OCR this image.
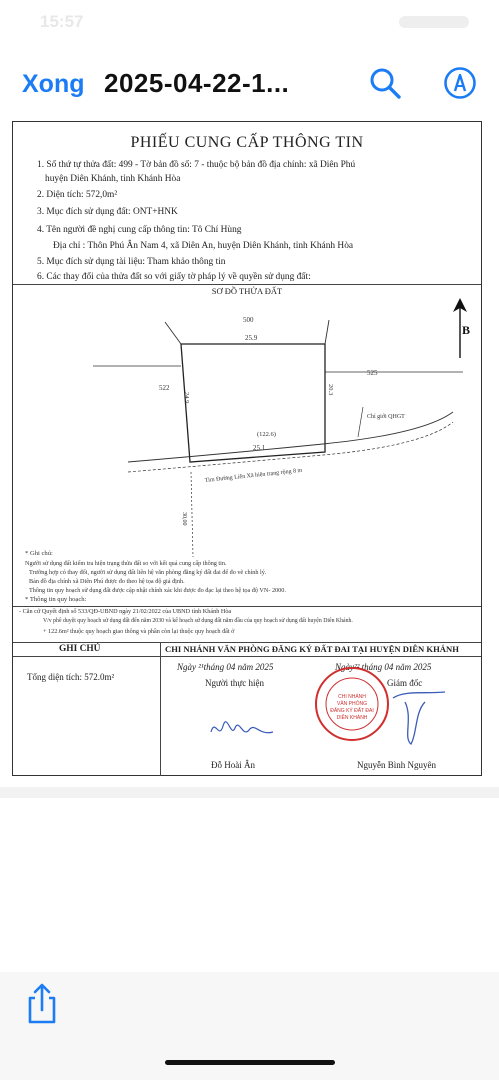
15:57
Xong 2025-04-22-1...
PHIẾU CUNG CẤP THÔNG TIN
1. Số thứ tự thửa đất: 499 - Tờ bản đồ số: 7 - thuộc bộ bản đồ địa chính: xã Diên Phú
huyện Diên Khánh, tỉnh Khánh Hòa
2. Diện tích: 572,0m²
3. Mục đích sử dụng đất: ONT+HNK
4. Tên người đề nghị cung cấp thông tin: Tô Chí Hùng
Địa chỉ : Thôn Phú Ân Nam 4, xã Diên An, huyện Diên Khánh, tỉnh Khánh Hòa
5. Mục đích sử dụng tài liệu: Tham khảo thông tin
6. Các thay đổi của thửa đất so với giấy tờ pháp lý về quyền sử dụng đất:
SƠ ĐỒ THỬA ĐẤT
B
500
25.9
522
24.9
20.3
525
Chỉ giới QHGT
(122.6)
25.1
Tim Đường Liên Xã hiện trạng rộng 8 m
30,00
* Ghi chú:
Người sử dụng đất kiểm tra hiện trạng thửa đất so với kết quả cung cấp thông tin.
Trường hợp có thay đổi, người sử dụng đất liên hệ văn phòng đăng ký đất đai để đo vẽ chỉnh lý.
Bản đồ địa chính xã Diên Phú được đo theo hệ tọa độ giả định.
Thông tin quy hoạch sử dụng đất được cập nhật chính xác khi được đo đạc lại theo hệ tọa độ VN- 2000.
* Thông tin quy hoạch:
- Căn cứ Quyết định số 533/QĐ-UBND ngày 21/02/2022 của UBND tỉnh Khánh Hòa
V/v phê duyệt quy hoạch sử dụng đất đến năm 2030 và kế hoạch sử dụng đất năm đầu của quy hoạch sử dụng đất huyện Diên Khánh.
+ 122.6m² thuộc quy hoạch giao thông và phần còn lại thuộc quy hoạch đất ở
GHI CHÚ	CHI NHÁNH VĂN PHÒNG ĐĂNG KÝ ĐẤT ĐAI TẠI HUYỆN DIÊN KHÁNH
Tổng diện tích: 572.0m²
Ngày ²¹tháng 04 năm 2025	Ngày²² tháng 04 năm 2025
Người thực hiện	Giám đốc
Đỗ Hoài Ân	Nguyễn Bình Nguyên
CHI NHÁNH
VĂN PHÒNG
ĐĂNG KÝ ĐẤT ĐAI
DIÊN KHÁNH
